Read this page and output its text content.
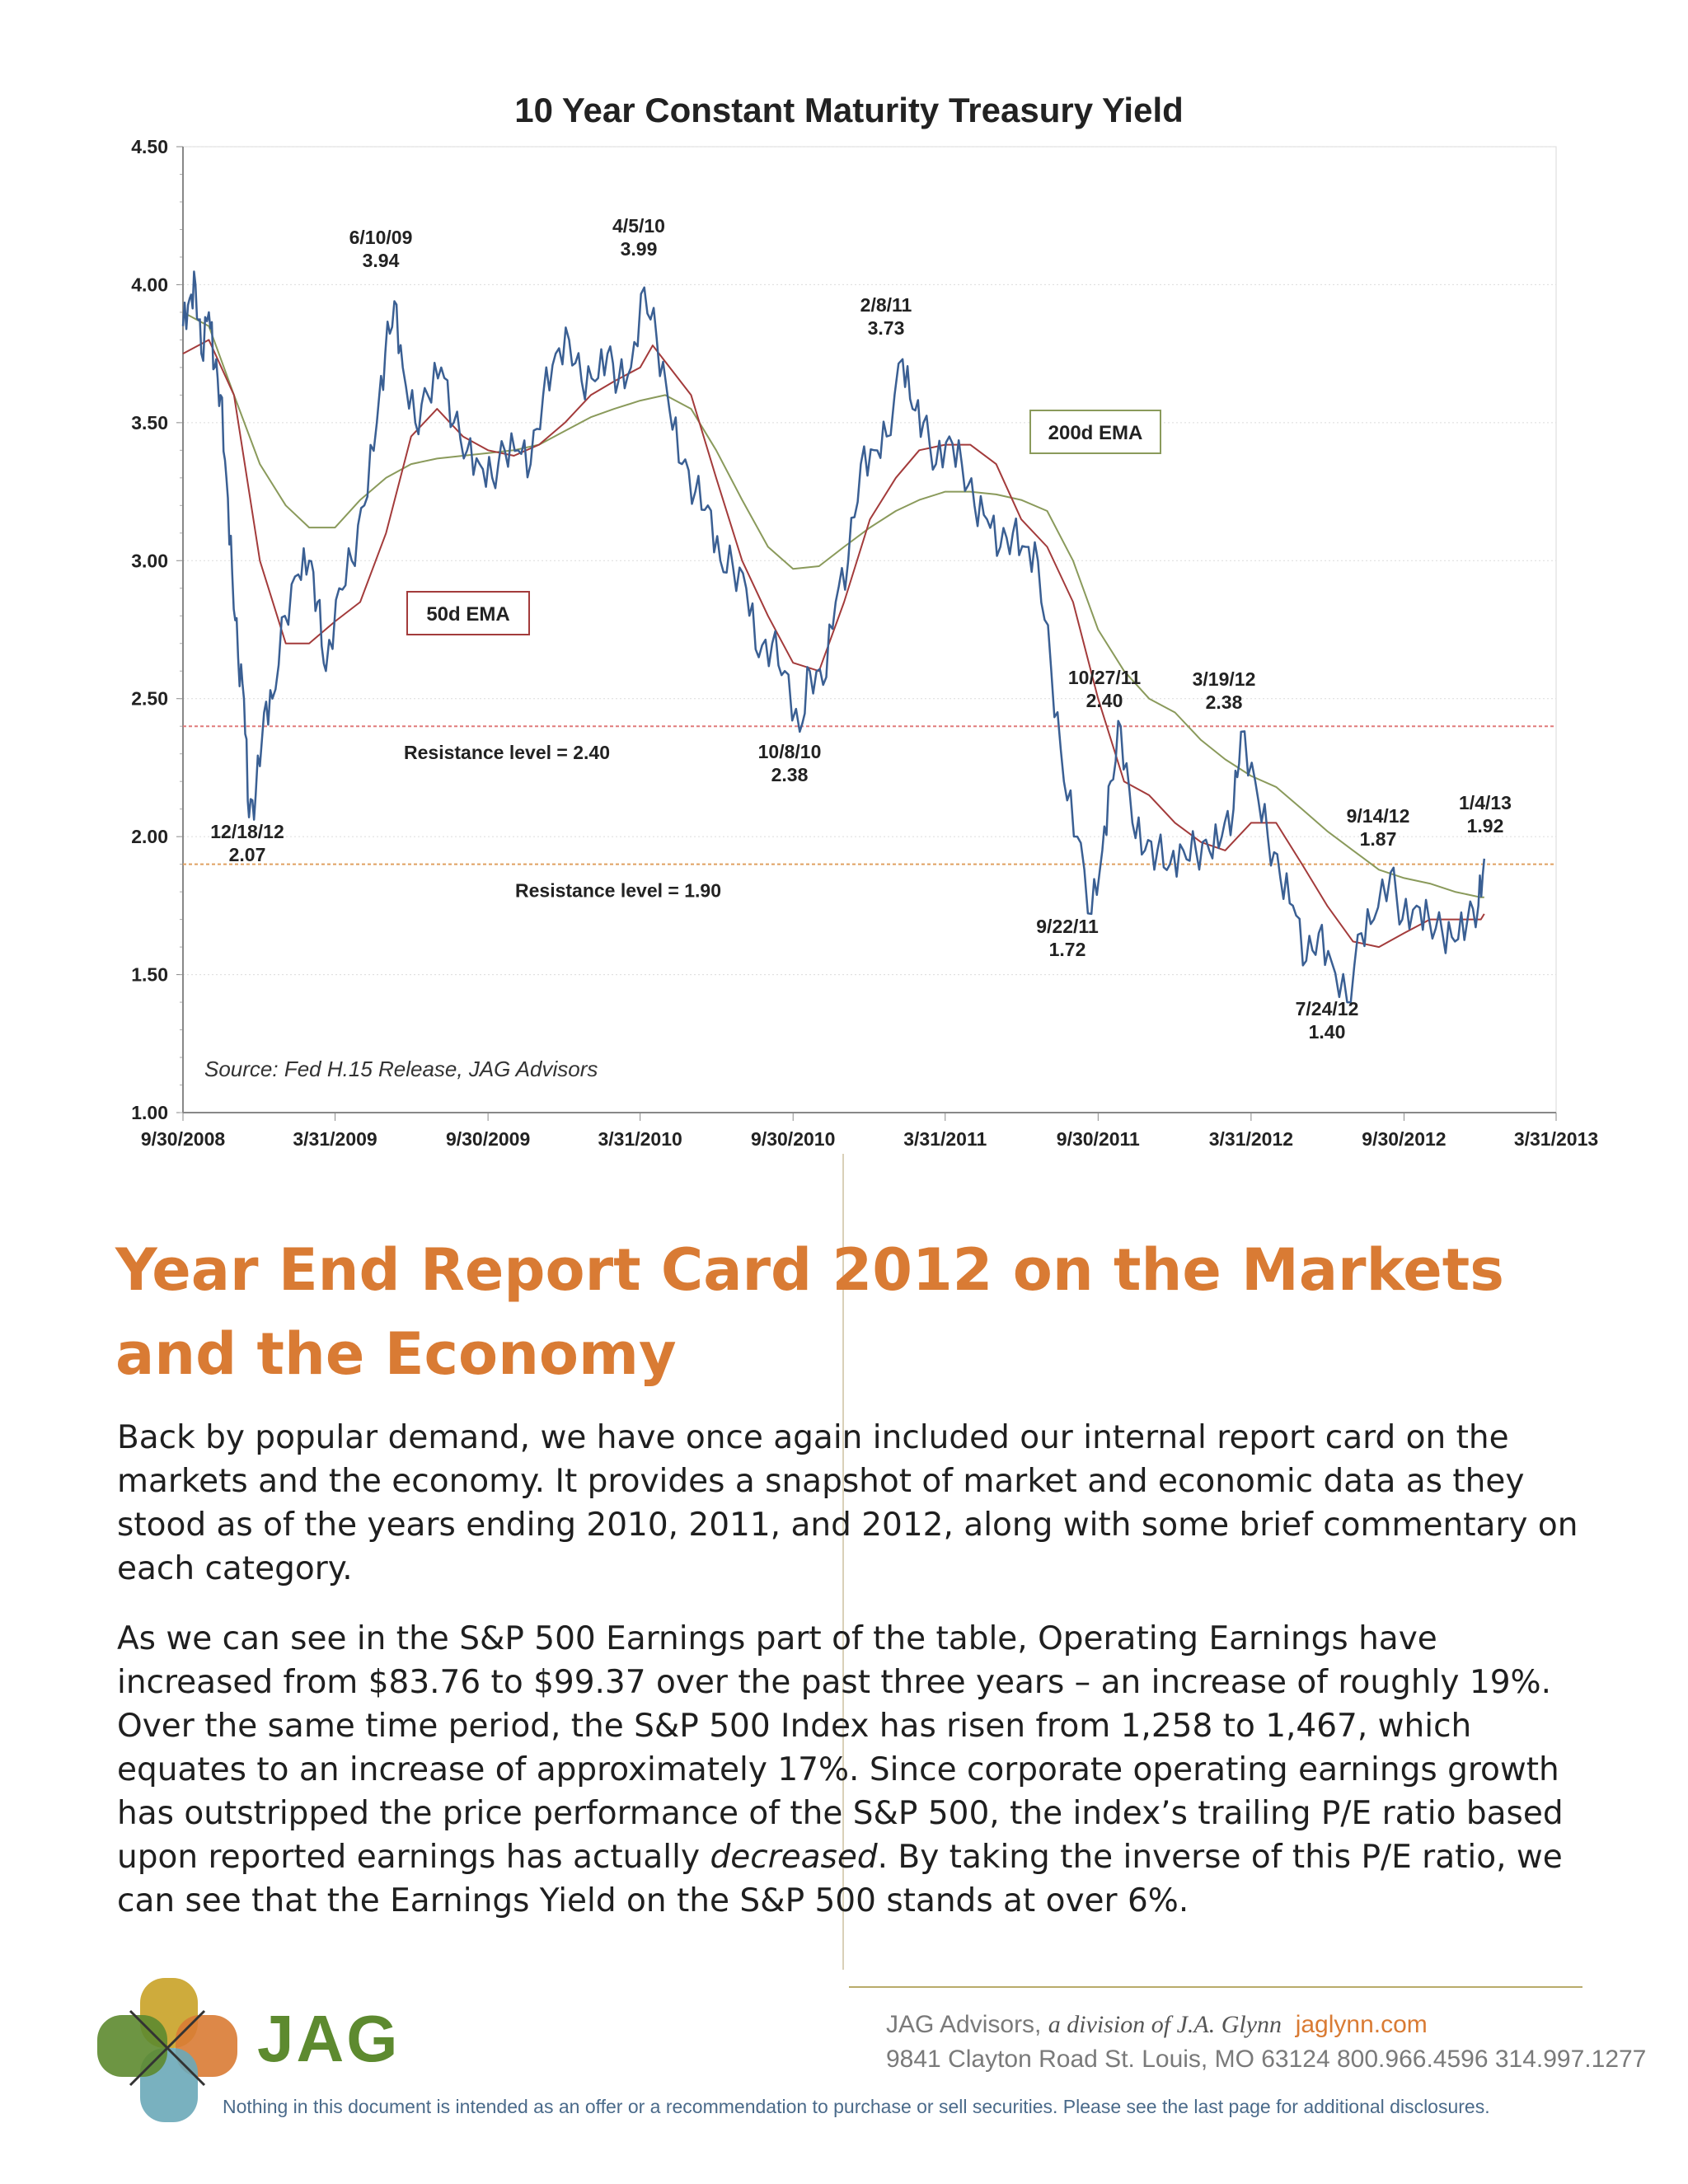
10 Year Constant Maturity Treasury Yield
1.00
1.50
2.00
2.50
3.00
3.50
4.00
4.50
9/30/2008	3/31/2009	9/30/2009	3/31/2010	9/30/2010	3/31/2011	9/30/2011	3/31/2012	9/30/2012	3/31/2013
Resistance level = 2.40
Resistance level = 1.90
200d EMA
50d EMA
6/10/09
3.94
4/5/10
3.99
2/8/11
3.73
10/27/11
2.40
3/19/12
2.38
9/14/12
1.87
1/4/13
1.92
12/18/12
2.07
10/8/10
2.38
9/22/11
1.72
7/24/12
1.40
Source: Fed H.15 Release, JAG Advisors
Year End Report Card 2012 on the Markets and the Economy

Back by popular demand, we have once again included our internal report card on the markets and the economy. It provides a snapshot of market and economic data as they stood as of the years ending 2010, 2011, and 2012, along with some brief commentary on each category.

As we can see in the S&P 500 Earnings part of the table, Operating Earnings have increased from $83.76 to $99.37 over the past three years – an increase of roughly 19%. Over the same time period, the S&P 500 Index has risen from 1,258 to 1,467, which equates to an increase of approximately 17%. Since corporate operating earnings growth has outstripped the price performance of the S&P 500, the index’s trailing P/E ratio based upon reported earnings has actually decreased. By taking the inverse of this P/E ratio, we can see that the Earnings Yield on the S&P 500 stands at over 6%.

JAG	JAG Advisors, a division of J.A. Glynn jaglynn.com
9841 Clayton Road St. Louis, MO 63124 800.966.4596 314.997.1277
Nothing in this document is intended as an offer or a recommendation to purchase or sell securities. Please see the last page for additional disclosures.
